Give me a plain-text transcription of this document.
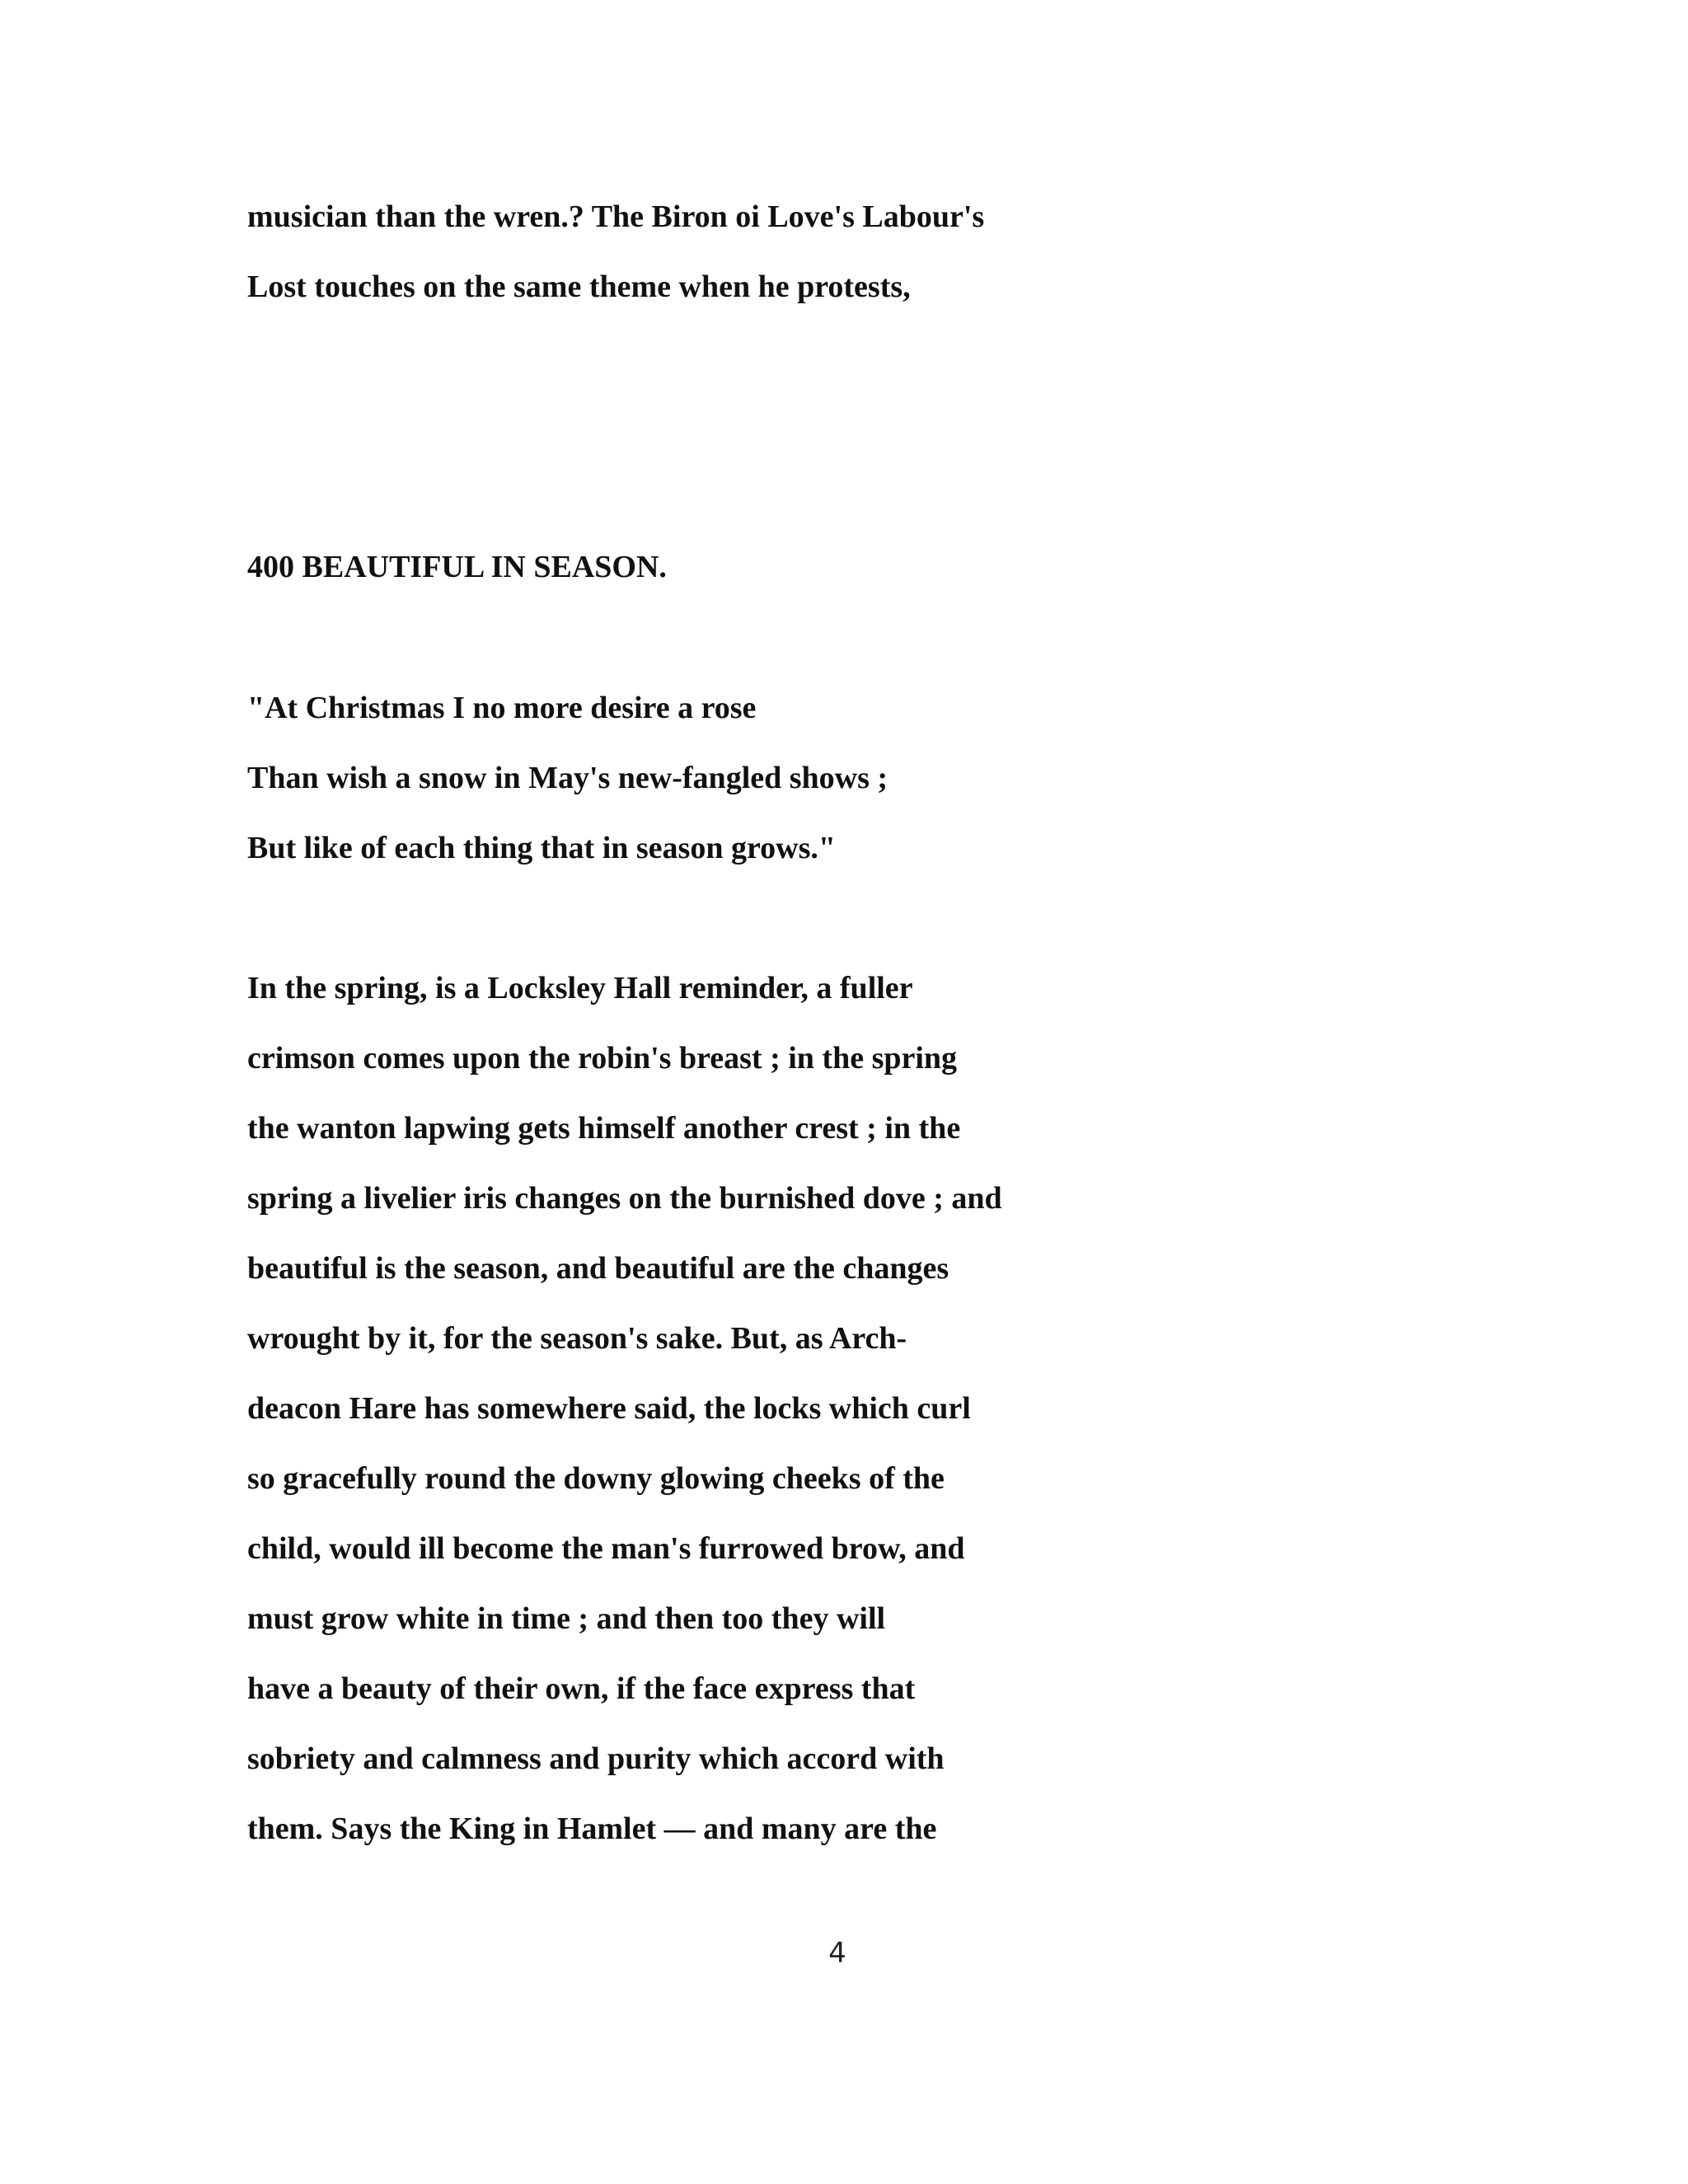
musician than the wren.? The Biron oi Love's Labour's

Lost touches on the same theme when he protests,

400 BEAUTIFUL IN SEASON.

"At Christmas I no more desire a rose

Than wish a snow in May's new-fangled shows ;

But like of each thing that in season grows."

In the spring, is a Locksley Hall reminder, a fuller

crimson comes upon the robin's breast ; in the spring

the wanton lapwing gets himself another crest ; in the

spring a livelier iris changes on the burnished dove ; and

beautiful is the season, and beautiful are the changes

wrought by it, for the season's sake. But, as Arch-

deacon Hare has somewhere said, the locks which curl

so gracefully round the downy glowing cheeks of the

child, would ill become the man's furrowed brow, and

must grow white in time ; and then too they will

have a beauty of their own, if the face express that

sobriety and calmness and purity which accord with

them. Says the King in Hamlet — and many are the

4
